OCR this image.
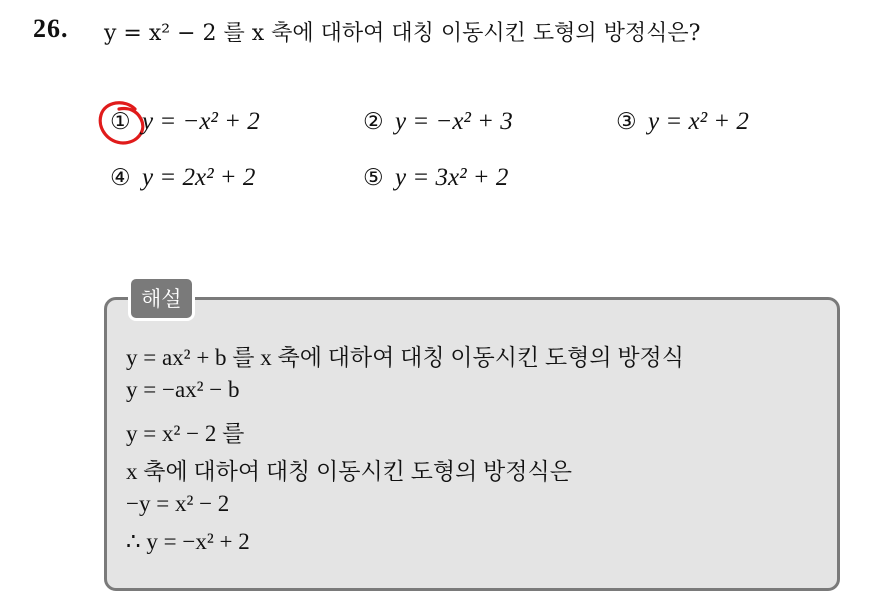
26. y = x² − 2 를 x 축에 대하여 대칭 이동시킨 도형의 방정식은?
① y = −x² + 2	② y = −x² + 3	③ y = x² + 2
④ y = 2x² + 2	⑤ y = 3x² + 2
해설
y = ax² + b 를 x 축에 대하여 대칭 이동시킨 도형의 방정식
y = −ax² − b
y = x² − 2 를
x 축에 대하여 대칭 이동시킨 도형의 방정식은
−y = x² − 2
∴ y = −x² + 2
